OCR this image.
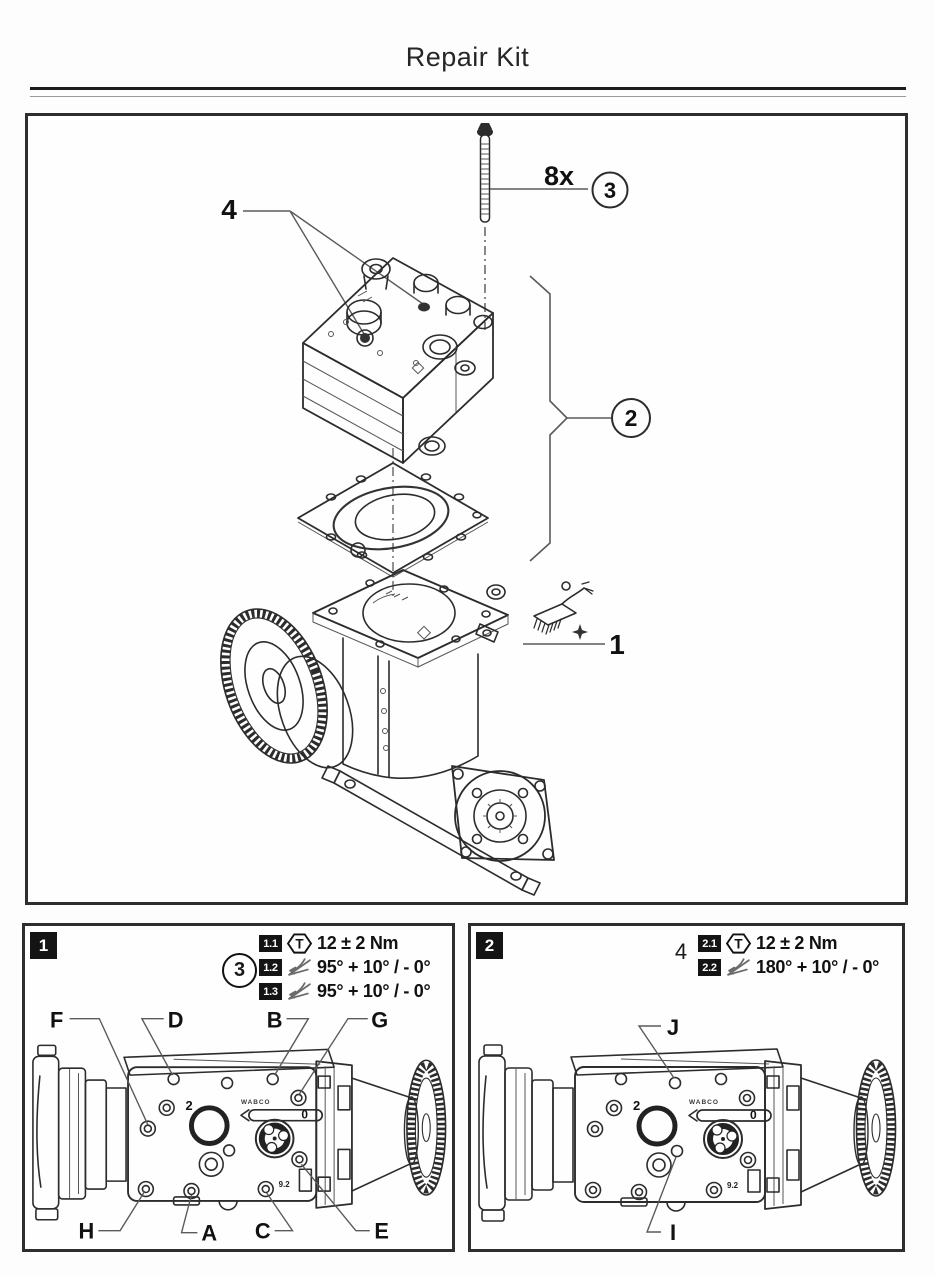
Repair Kit
8x 3
4
1
2
1
3
1.1	T 12 ± 2 Nm
1.2 95° + 10° / - 0°
1.3 95° + 10° / - 0°
F	D	B	G
H	A C	E
2	4	2.1	T 12 ± 2 Nm
2.2 180° + 10° / - 0°
J
I
